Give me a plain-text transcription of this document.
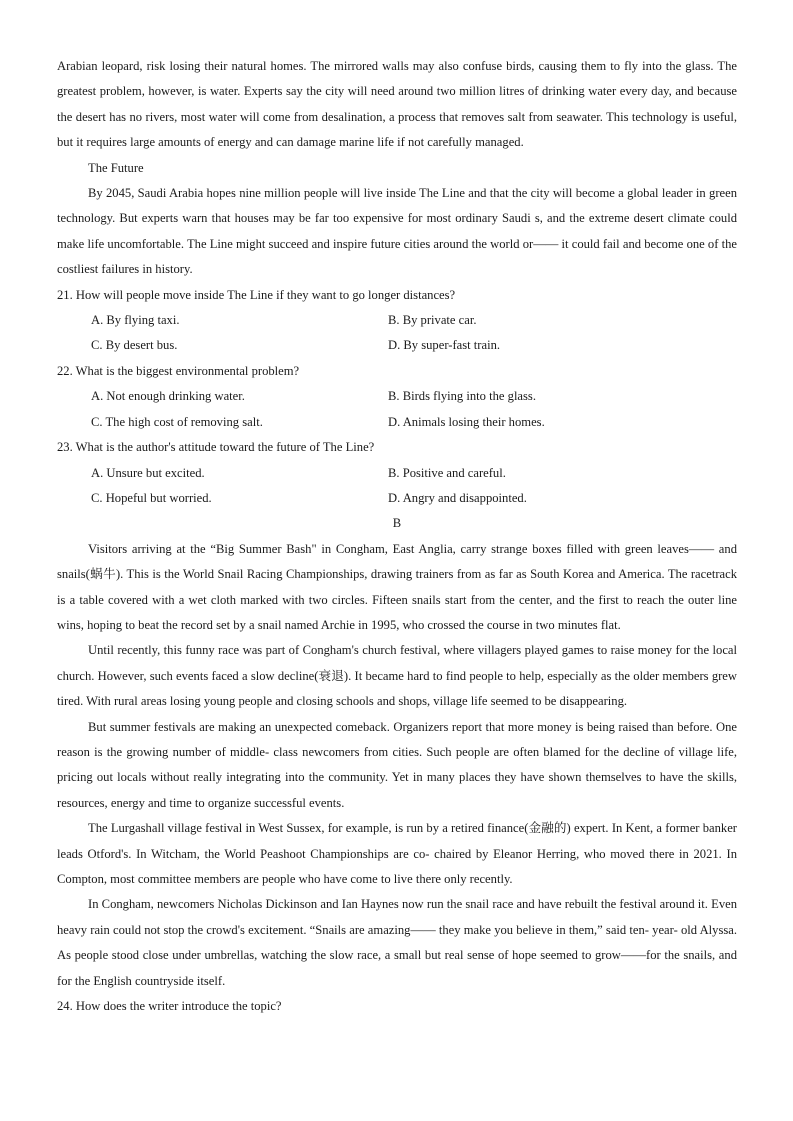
Arabian leopard, risk losing their natural homes. The mirrored walls may also confuse birds, causing them to fly into the glass. The greatest problem, however, is water. Experts say the city will need around two million litres of drinking water every day, and because the desert has no rivers, most water will come from desalination, a process that removes salt from seawater. This technology is useful, but it requires large amounts of energy and can damage marine life if not carefully managed.

The Future

By 2045, Saudi Arabia hopes nine million people will live inside The Line and that the city will become a global leader in green technology. But experts warn that houses may be far too expensive for most ordinary Saudi s, and the extreme desert climate could make life uncomfortable. The Line might succeed and inspire future cities around the world or—— it could fail and become one of the costliest failures in history.

21. How will people move inside The Line if they want to go longer distances?
A. By flying taxi.	B. By private car.
C. By desert bus.	D. By super-fast train.
22. What is the biggest environmental problem?
A. Not enough drinking water.	B. Birds flying into the glass.
C. The high cost of removing salt.	D. Animals losing their homes.
23. What is the author's attitude toward the future of The Line?
A. Unsure but excited.	B. Positive and careful.
C. Hopeful but worried.	D. Angry and disappointed.
B

Visitors arriving at the “Big Summer Bash" in Congham, East Anglia, carry strange boxes filled with green leaves—— and snails(蜗牛). This is the World Snail Racing Championships, drawing trainers from as far as South Korea and America. The racetrack is a table covered with a wet cloth marked with two circles. Fifteen snails start from the center, and the first to reach the outer line wins, hoping to beat the record set by a snail named Archie in 1995, who crossed the course in two minutes flat.

Until recently, this funny race was part of Congham's church festival, where villagers played games to raise money for the local church. However, such events faced a slow decline(衰退). It became hard to find people to help, especially as the older members grew tired. With rural areas losing young people and closing schools and shops, village life seemed to be disappearing.

But summer festivals are making an unexpected comeback. Organizers report that more money is being raised than before. One reason is the growing number of middle- class newcomers from cities. Such people are often blamed for the decline of village life, pricing out locals without really integrating into the community. Yet in many places they have shown themselves to have the skills, resources, energy and time to organize successful events.

The Lurgashall village festival in West Sussex, for example, is run by a retired finance(金融的) expert. In Kent, a former banker leads Otford's. In Witcham, the World Peashoot Championships are co- chaired by Eleanor Herring, who moved there in 2021. In Compton, most committee members are people who have come to live there only recently.

In Congham, newcomers Nicholas Dickinson and Ian Haynes now run the snail race and have rebuilt the festival around it. Even heavy rain could not stop the crowd's excitement. “Snails are amazing—— they make you believe in them,” said ten- year- old Alyssa. As people stood close under umbrellas, watching the slow race, a small but real sense of hope seemed to grow——for the snails, and for the English countryside itself.

24. How does the writer introduce the topic?
